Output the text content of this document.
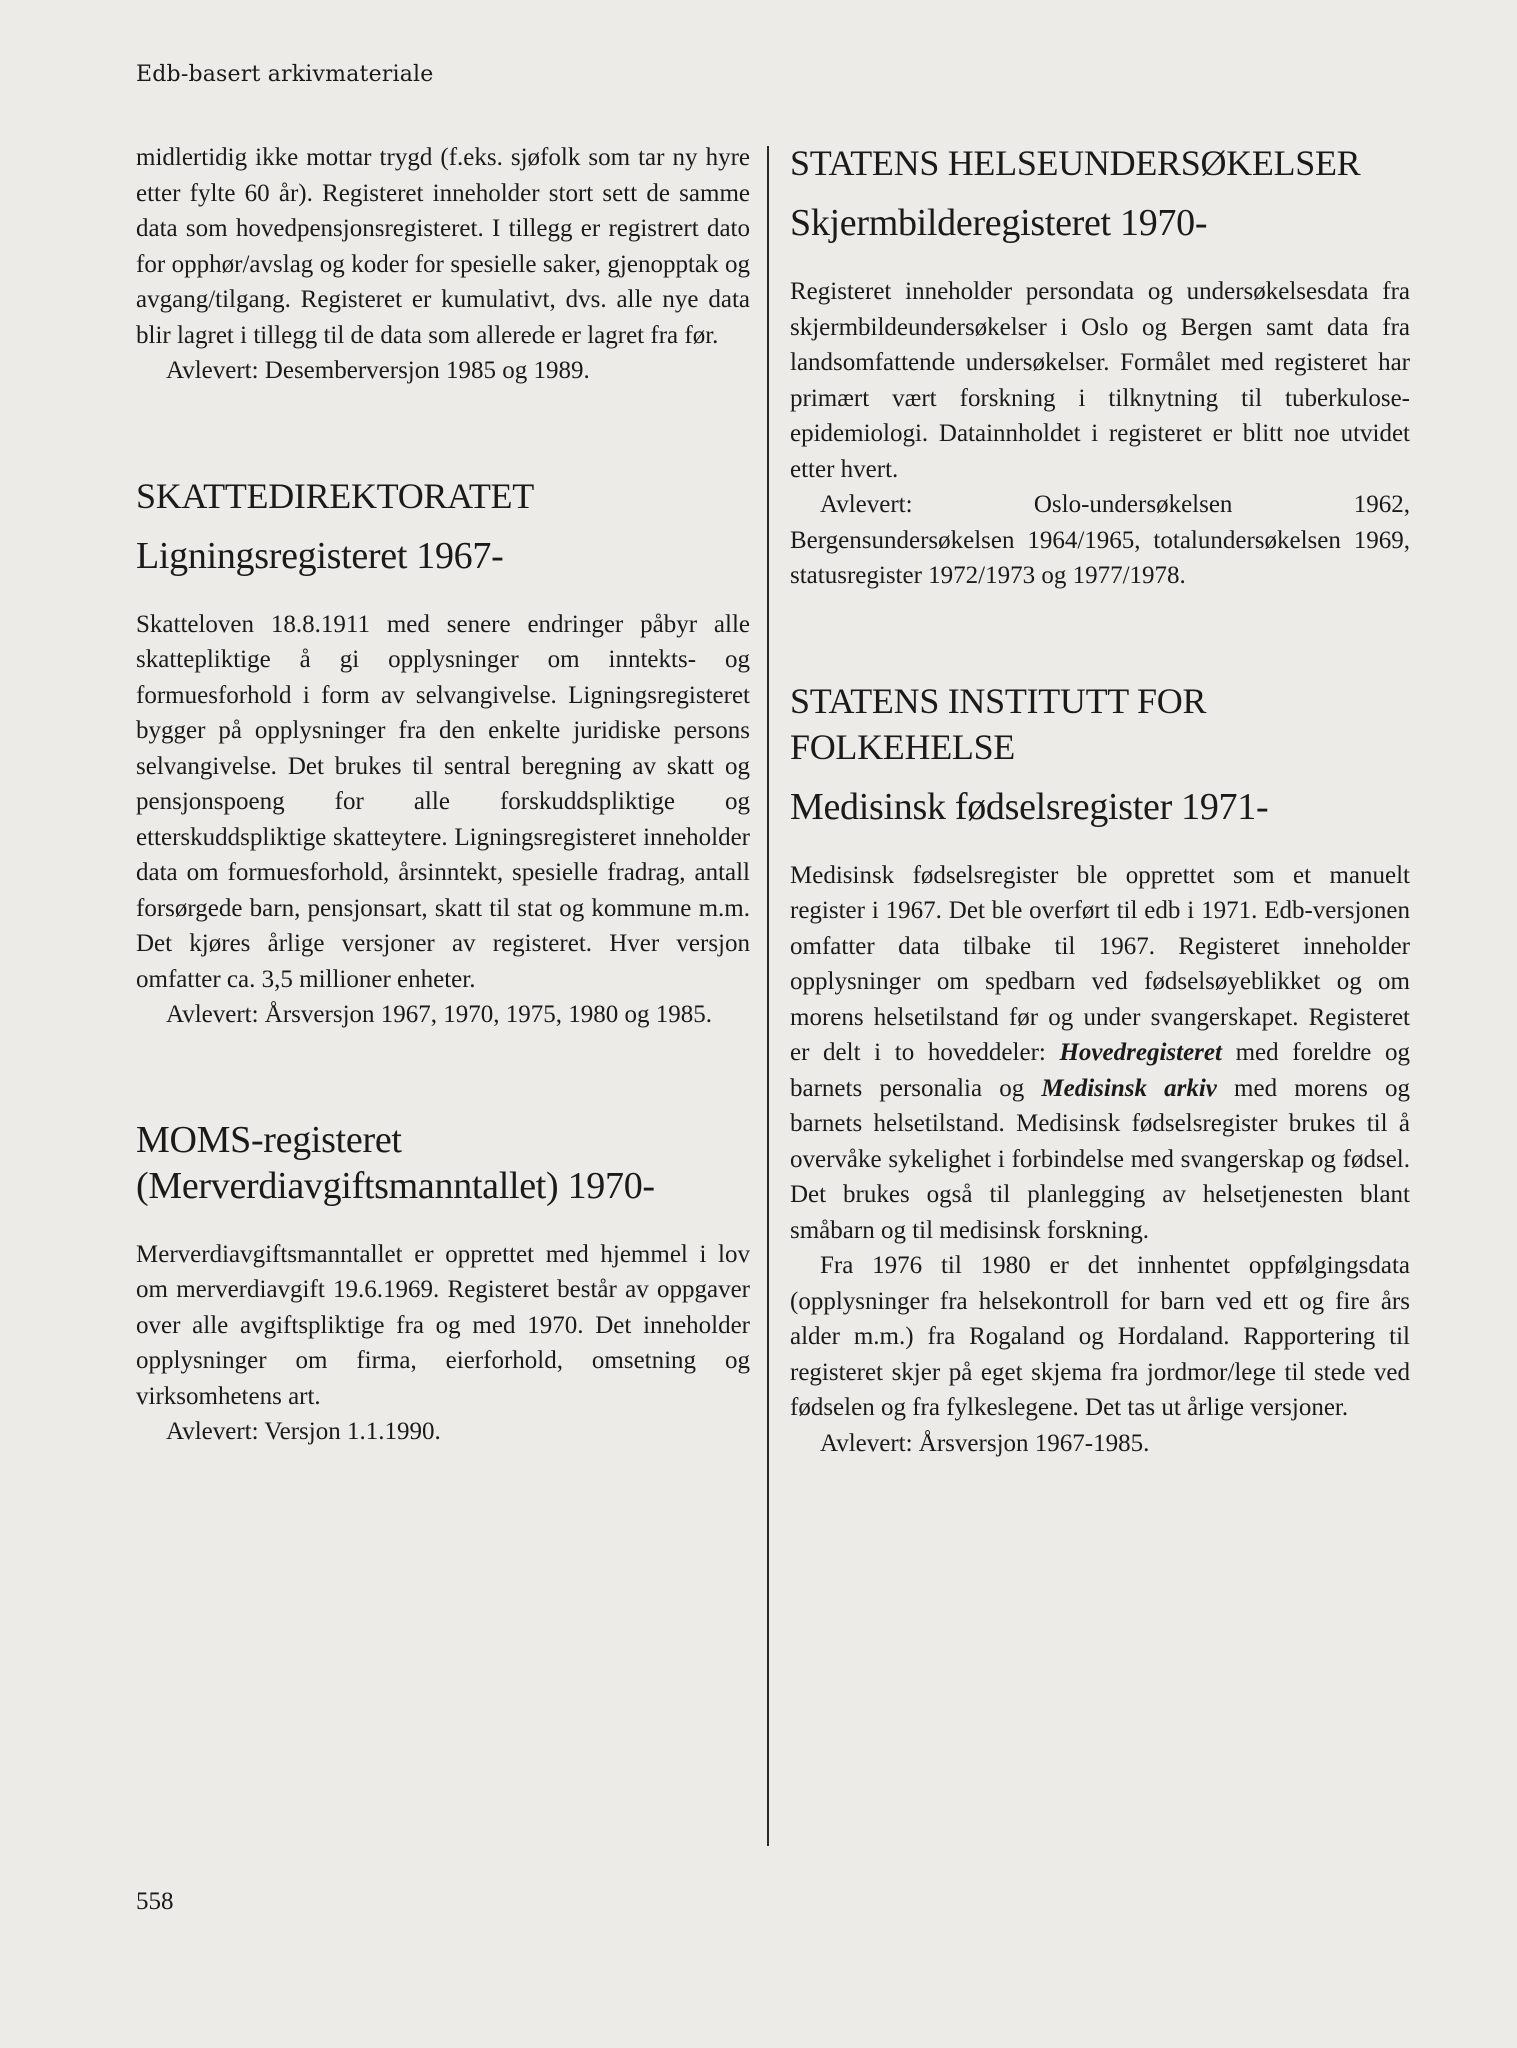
Edb-basert arkivmateriale

midlertidig ikke mottar trygd (f.eks. sjøfolk som tar ny hyre etter fylte 60 år). Registeret inneholder stort sett de samme data som hovedpensjonsregisteret. I tillegg er registrert dato for opphør/avslag og koder for spesielle saker, gjenopptak og avgang/tilgang. Registeret er kumulativt, dvs. alle nye data blir lagret i tillegg til de data som allerede er lagret fra før.

Avlevert: Desemberversjon 1985 og 1989.

SKATTEDIREKTORATET
Ligningsregisteret 1967-

Skatteloven 18.8.1911 med senere endringer påbyr alle skattepliktige å gi opplysninger om inntekts- og formuesforhold i form av selvangivelse. Ligningsregisteret bygger på opplysninger fra den enkelte juridiske persons selvangivelse. Det brukes til sentral beregning av skatt og pensjonspoeng for alle forskuddspliktige og etterskuddspliktige skatteytere. Ligningsregisteret inneholder data om formuesforhold, årsinntekt, spesielle fradrag, antall forsørgede barn, pensjonsart, skatt til stat og kommune m.m. Det kjøres årlige versjoner av registeret. Hver versjon omfatter ca. 3,5 millioner enheter.

Avlevert: Årsversjon 1967, 1970, 1975, 1980 og 1985.

MOMS-registeret (Merverdiavgiftsmanntallet) 1970-

Merverdiavgiftsmanntallet er opprettet med hjemmel i lov om merverdiavgift 19.6.1969. Registeret består av oppgaver over alle avgiftspliktige fra og med 1970. Det inneholder opplysninger om firma, eierforhold, omsetning og virksomhetens art.

Avlevert: Versjon 1.1.1990.

STATENS HELSEUNDERSØKELSER
Skjermbilderegisteret 1970-

Registeret inneholder persondata og undersøkelsesdata fra skjermbildeundersøkelser i Oslo og Bergen samt data fra landsomfattende undersøkelser. Formålet med registeret har primært vært forskning i tilknytning til tuberkulose-epidemiologi. Datainnholdet i registeret er blitt noe utvidet etter hvert.

Avlevert: Oslo-undersøkelsen 1962, Bergensundersøkelsen 1964/1965, totalundersøkelsen 1969, statusregister 1972/1973 og 1977/1978.

STATENS INSTITUTT FOR FOLKEHELSE
Medisinsk fødselsregister 1971-

Medisinsk fødselsregister ble opprettet som et manuelt register i 1967. Det ble overført til edb i 1971. Edb-versjonen omfatter data tilbake til 1967. Registeret inneholder opplysninger om spedbarn ved fødselsøyeblikket og om morens helsetilstand før og under svangerskapet. Registeret er delt i to hoveddeler: Hovedregisteret med foreldre og barnets personalia og Medisinsk arkiv med morens og barnets helsetilstand. Medisinsk fødselsregister brukes til å overvåke sykelighet i forbindelse med svangerskap og fødsel. Det brukes også til planlegging av helsetjenesten blant småbarn og til medisinsk forskning.

Fra 1976 til 1980 er det innhentet oppfølgingsdata (opplysninger fra helsekontroll for barn ved ett og fire års alder m.m.) fra Rogaland og Hordaland. Rapportering til registeret skjer på eget skjema fra jordmor/lege til stede ved fødselen og fra fylkeslegene. Det tas ut årlige versjoner.

Avlevert: Årsversjon 1967-1985.

558
